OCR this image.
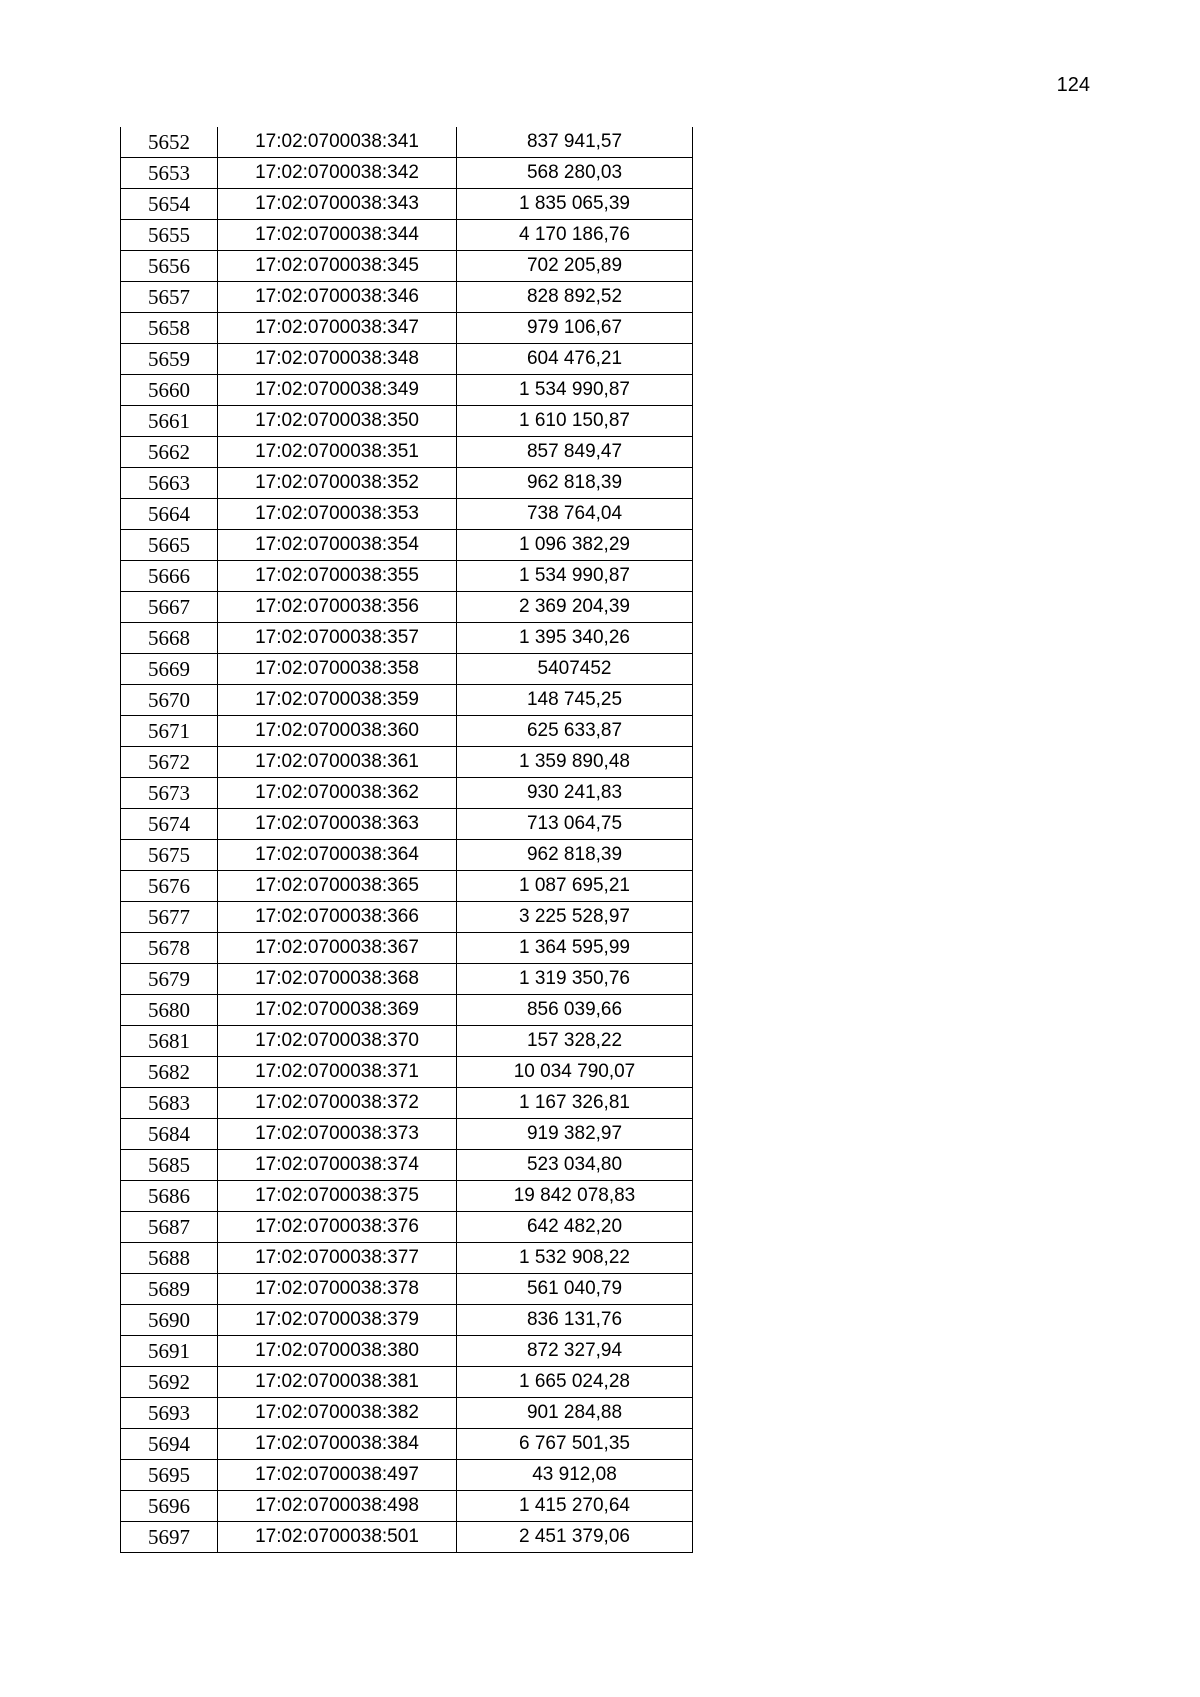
124
5652	17:02:0700038:341	837 941,57
5653	17:02:0700038:342	568 280,03
5654	17:02:0700038:343	1 835 065,39
5655	17:02:0700038:344	4 170 186,76
5656	17:02:0700038:345	702 205,89
5657	17:02:0700038:346	828 892,52
5658	17:02:0700038:347	979 106,67
5659	17:02:0700038:348	604 476,21
5660	17:02:0700038:349	1 534 990,87
5661	17:02:0700038:350	1 610 150,87
5662	17:02:0700038:351	857 849,47
5663	17:02:0700038:352	962 818,39
5664	17:02:0700038:353	738 764,04
5665	17:02:0700038:354	1 096 382,29
5666	17:02:0700038:355	1 534 990,87
5667	17:02:0700038:356	2 369 204,39
5668	17:02:0700038:357	1 395 340,26
5669	17:02:0700038:358	5407452
5670	17:02:0700038:359	148 745,25
5671	17:02:0700038:360	625 633,87
5672	17:02:0700038:361	1 359 890,48
5673	17:02:0700038:362	930 241,83
5674	17:02:0700038:363	713 064,75
5675	17:02:0700038:364	962 818,39
5676	17:02:0700038:365	1 087 695,21
5677	17:02:0700038:366	3 225 528,97
5678	17:02:0700038:367	1 364 595,99
5679	17:02:0700038:368	1 319 350,76
5680	17:02:0700038:369	856 039,66
5681	17:02:0700038:370	157 328,22
5682	17:02:0700038:371	10 034 790,07
5683	17:02:0700038:372	1 167 326,81
5684	17:02:0700038:373	919 382,97
5685	17:02:0700038:374	523 034,80
5686	17:02:0700038:375	19 842 078,83
5687	17:02:0700038:376	642 482,20
5688	17:02:0700038:377	1 532 908,22
5689	17:02:0700038:378	561 040,79
5690	17:02:0700038:379	836 131,76
5691	17:02:0700038:380	872 327,94
5692	17:02:0700038:381	1 665 024,28
5693	17:02:0700038:382	901 284,88
5694	17:02:0700038:384	6 767 501,35
5695	17:02:0700038:497	43 912,08
5696	17:02:0700038:498	1 415 270,64
5697	17:02:0700038:501	2 451 379,06
